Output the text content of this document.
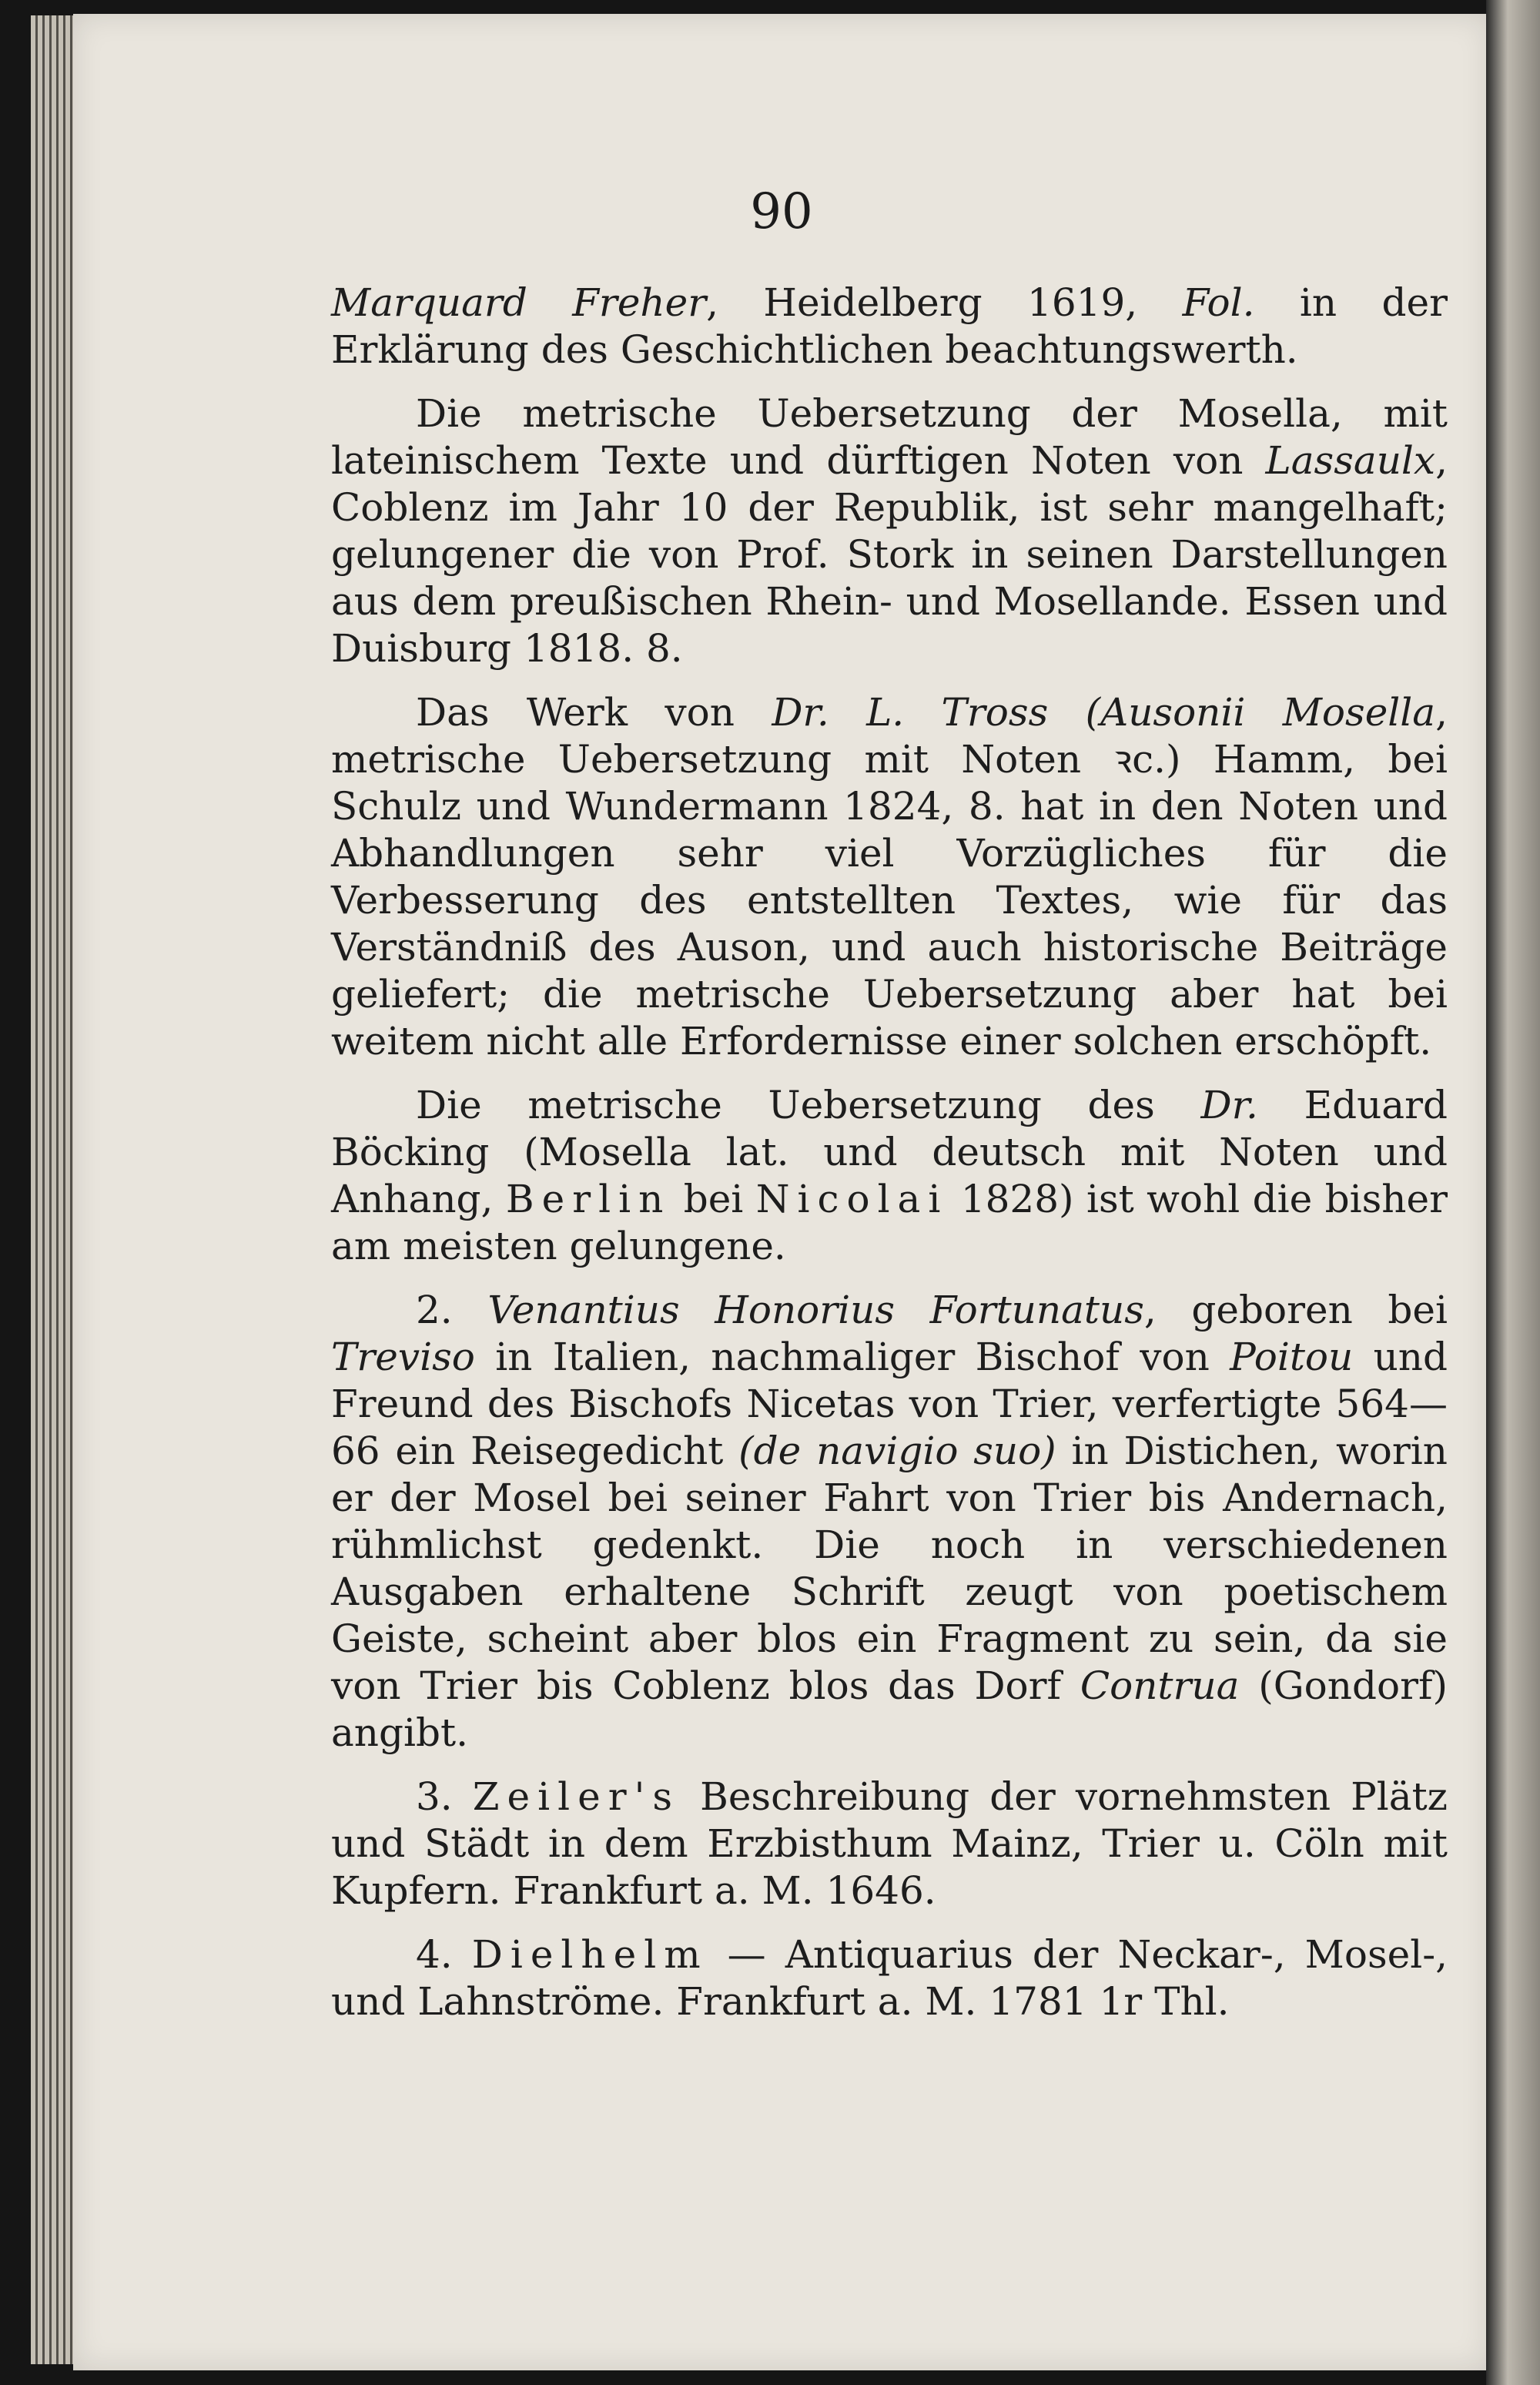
90

Marquard Freher, Heidelberg 1619, Fol. in der Erklärung des Geschichtlichen beachtungswerth.

Die metrische Uebersetzung der Mosella, mit lateinischem Texte und dürftigen Noten von Lassaulx, Coblenz im Jahr 10 der Republik, ist sehr mangelhaft; gelungener die von Prof. Stork in seinen Darstellungen aus dem preußischen Rhein- und Mosellande. Essen und Duisburg 1818. 8.

Das Werk von Dr. L. Tross (Ausonii Mosella, metrische Uebersetzung mit Noten ꝛc.) Hamm, bei Schulz und Wundermann 1824, 8. hat in den Noten und Abhandlungen sehr viel Vorzügliches für die Verbesserung des entstellten Textes, wie für das Verständniß des Auson, und auch historische Beiträge geliefert; die metrische Uebersetzung aber hat bei weitem nicht alle Erfordernisse einer solchen erschöpft.

Die metrische Uebersetzung des Dr. Eduard Böcking (Mosella lat. und deutsch mit Noten und Anhang, Berlin bei Nicolai 1828) ist wohl die bisher am meisten gelungene.

2. Venantius Honorius Fortunatus, geboren bei Treviso in Italien, nachmaliger Bischof von Poitou und Freund des Bischofs Nicetas von Trier, verfertigte 564—66 ein Reisegedicht (de navigio suo) in Distichen, worin er der Mosel bei seiner Fahrt von Trier bis Andernach, rühmlichst gedenkt. Die noch in verschiedenen Ausgaben erhaltene Schrift zeugt von poetischem Geiste, scheint aber blos ein Fragment zu sein, da sie von Trier bis Coblenz blos das Dorf Contrua (Gondorf) angibt.

3. Zeiler's Beschreibung der vornehmsten Plätz und Städt in dem Erzbisthum Mainz, Trier u. Cöln mit Kupfern. Frankfurt a. M. 1646.

4. Dielhelm — Antiquarius der Neckar-, Mosel-, und Lahnströme. Frankfurt a. M. 1781 1r Thl.
